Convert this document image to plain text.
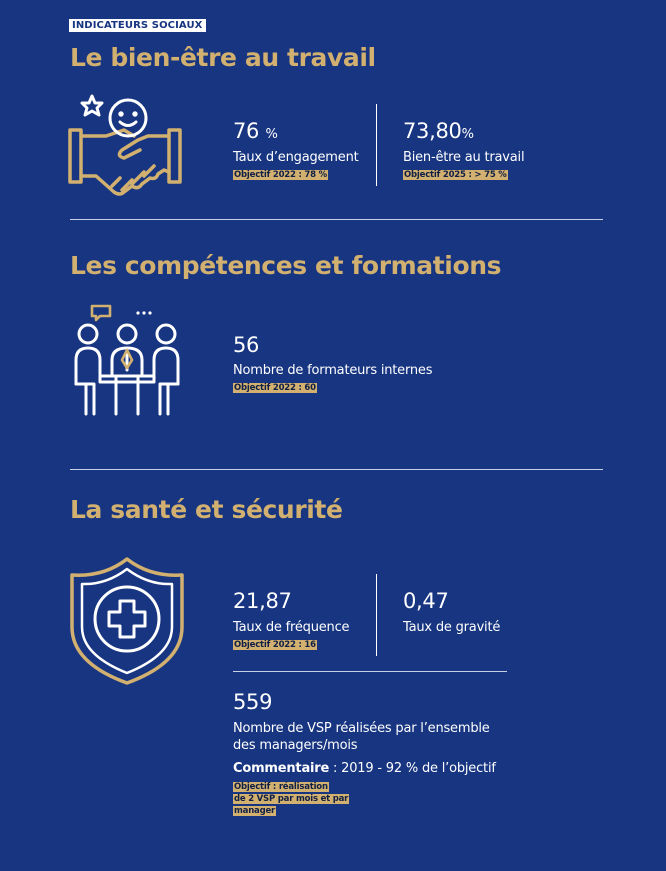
INDICATEURS SOCIAUX
Le bien-être au travail
76 %
Taux d’engagement
Objectif 2022 : 78 %
73,80%
Bien-être au travail
Objectif 2025 : > 75 %
Les compétences et formations
56
Nombre de formateurs internes
Objectif 2022 : 60
La santé et sécurité
21,87
Taux de fréquence
Objectif 2022 : 16
0,47
Taux de gravité
559
Nombre de VSP réalisées par l’ensemble
des managers/mois
Commentaire : 2019 - 92 % de l’objectif
Objectif : réalisation
de 2 VSP par mois et par
manager
